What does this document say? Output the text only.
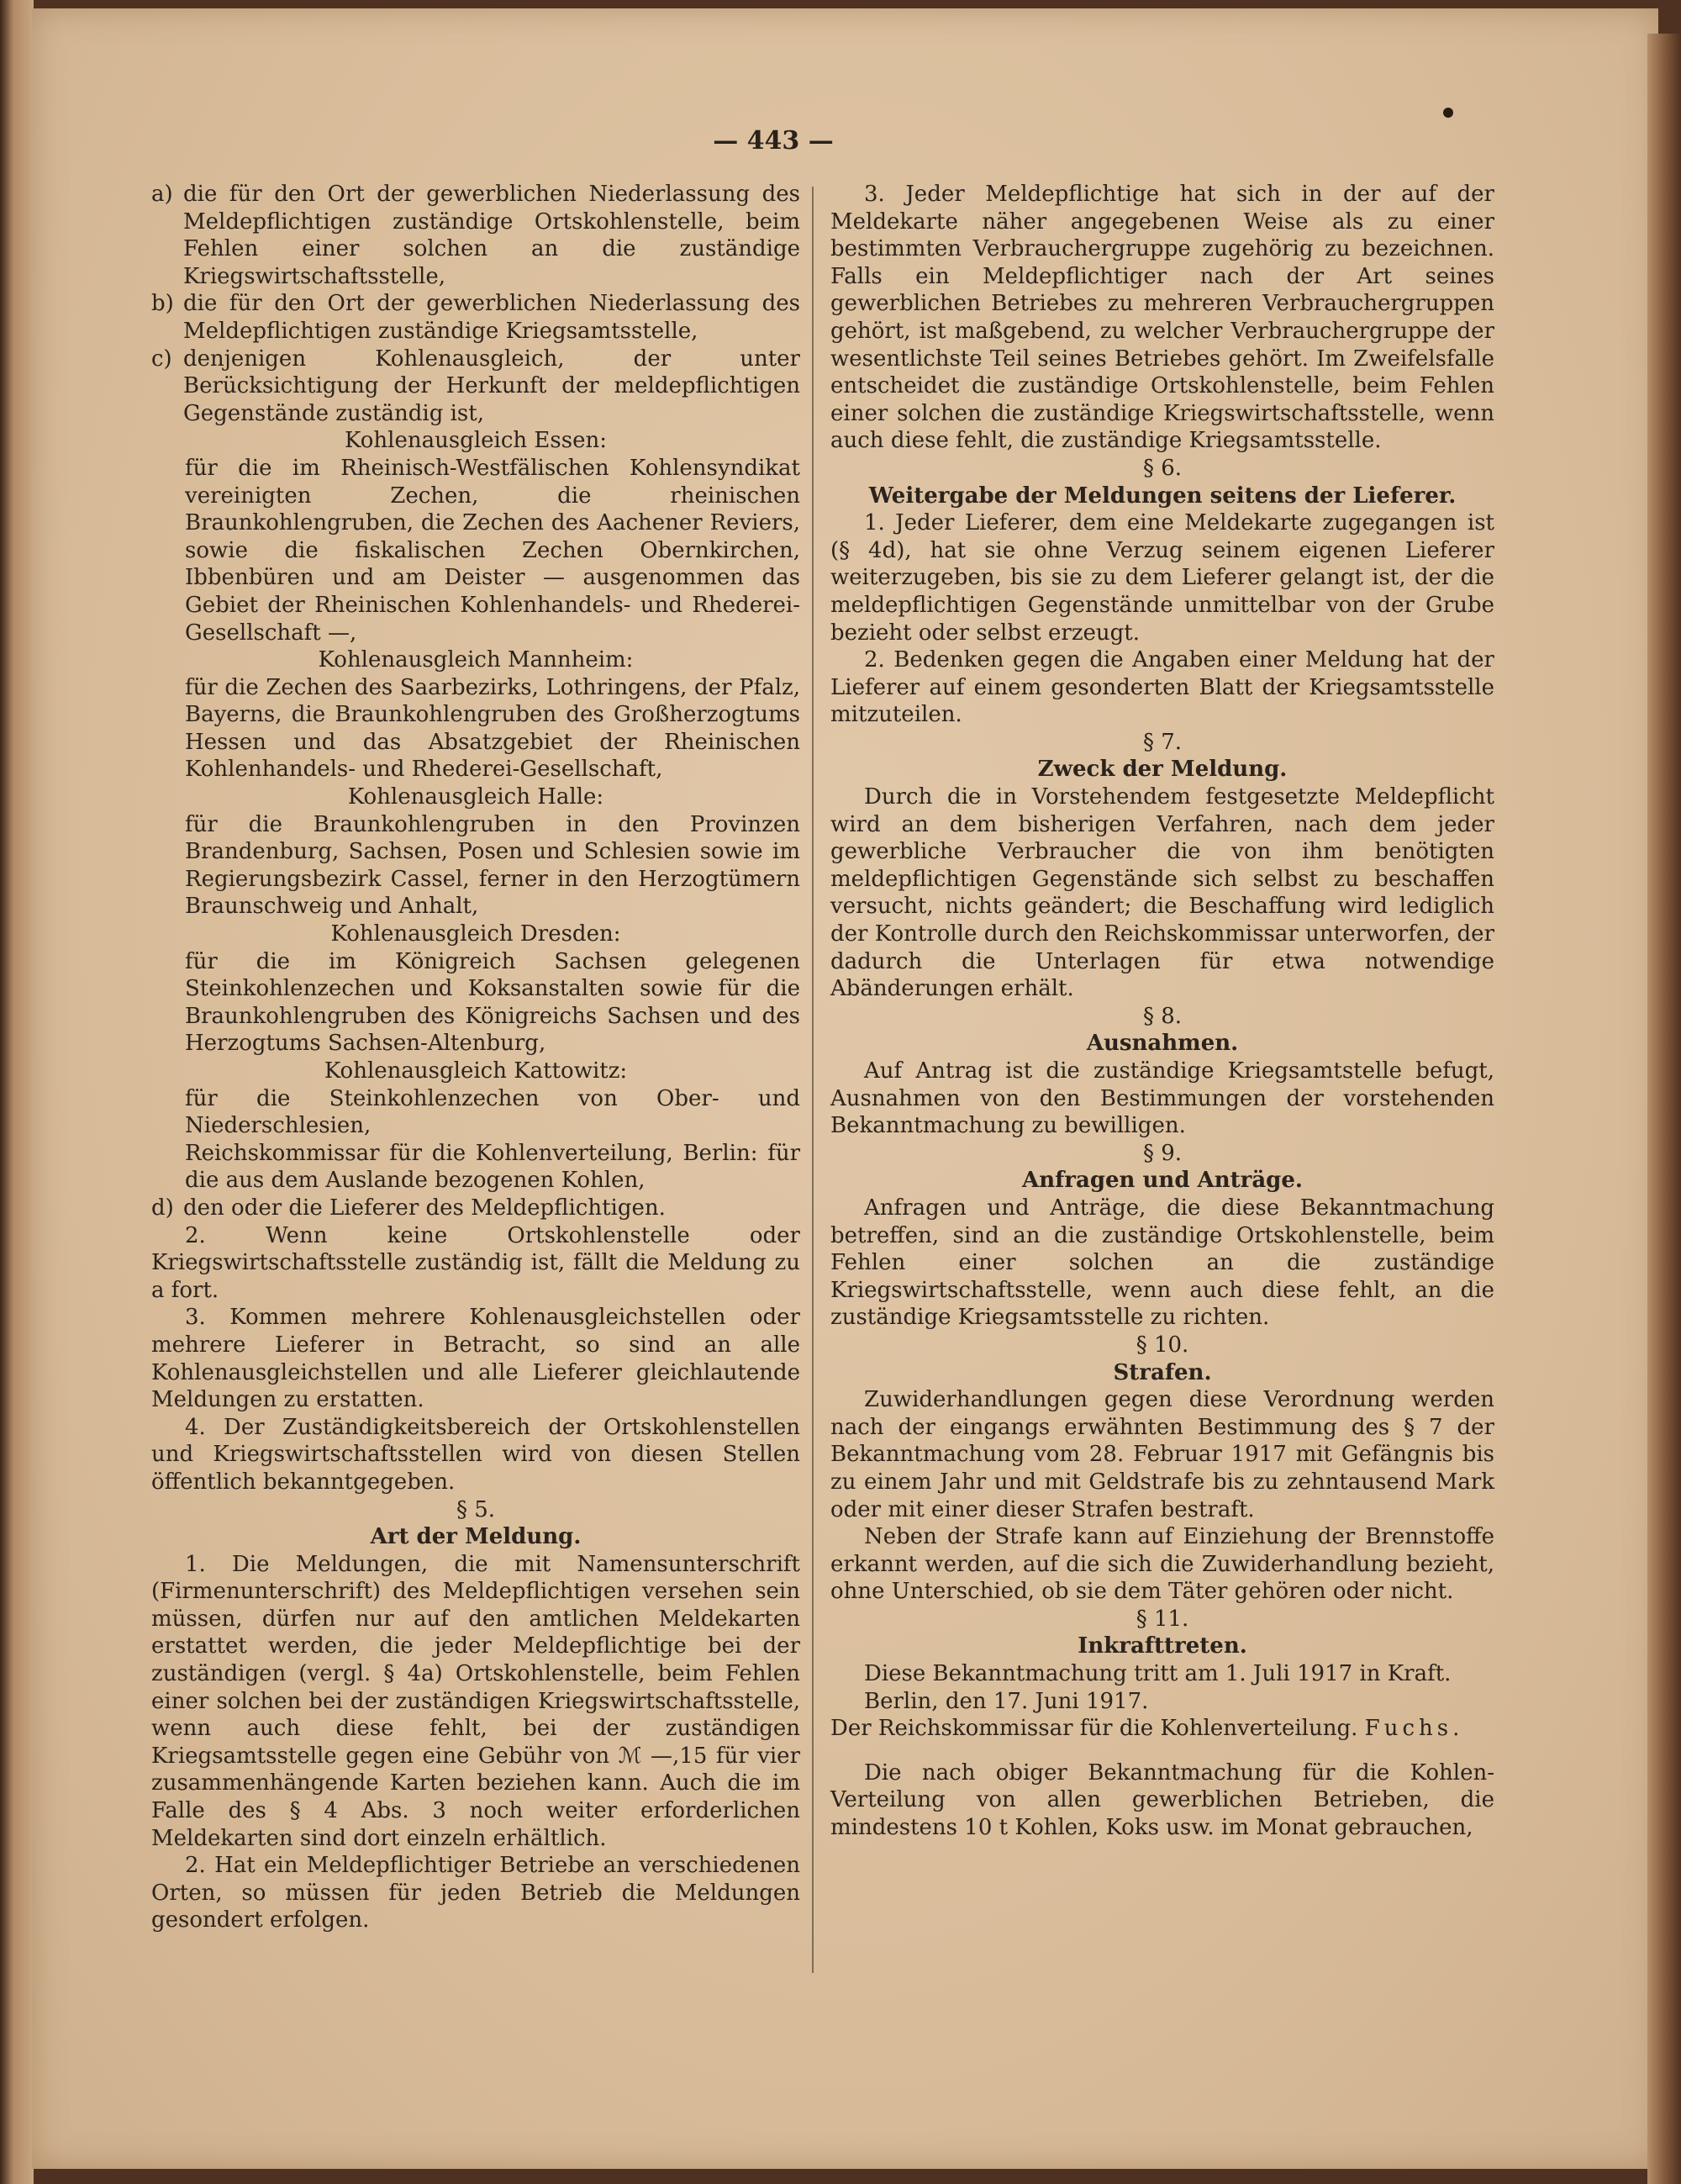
— 443 —
a) die für den Ort der gewerblichen Niederlassung des Meldepflichtigen zuständige Ortskohlenstelle, beim Fehlen einer solchen an die zuständige Kriegswirtschaftsstelle,
b) die für den Ort der gewerblichen Niederlassung des Meldepflichtigen zuständige Kriegsamtsstelle,
c) denjenigen Kohlenausgleich, der unter Berücksichtigung der Herkunft der meldepflichtigen Gegenstände zuständig ist,

Kohlenausgleich Essen:

für die im Rheinisch-Westfälischen Kohlensyndikat vereinigten Zechen, die rheinischen Braunkohlengruben, die Zechen des Aachener Reviers, sowie die fiskalischen Zechen Obernkirchen, Ibbenbüren und am Deister — ausgenommen das Gebiet der Rheinischen Kohlenhandels- und Rhederei-Gesellschaft —,

Kohlenausgleich Mannheim:

für die Zechen des Saarbezirks, Lothringens, der Pfalz, Bayerns, die Braunkohlengruben des Großherzogtums Hessen und das Absatzgebiet der Rheinischen Kohlenhandels- und Rhederei-Gesellschaft,

Kohlenausgleich Halle:

für die Braunkohlengruben in den Provinzen Brandenburg, Sachsen, Posen und Schlesien sowie im Regierungsbezirk Cassel, ferner in den Herzogtümern Braunschweig und Anhalt,

Kohlenausgleich Dresden:

für die im Königreich Sachsen gelegenen Steinkohlenzechen und Koksanstalten sowie für die Braunkohlengruben des Königreichs Sachsen und des Herzogtums Sachsen-Altenburg,

Kohlenausgleich Kattowitz:

für die Steinkohlenzechen von Ober- und Niederschlesien,

Reichskommissar für die Kohlenverteilung, Berlin: für die aus dem Auslande bezogenen Kohlen,

d) den oder die Lieferer des Meldepflichtigen.

2. Wenn keine Ortskohlenstelle oder Kriegswirtschaftsstelle zuständig ist, fällt die Meldung zu a fort.

3. Kommen mehrere Kohlenausgleichstellen oder mehrere Lieferer in Betracht, so sind an alle Kohlenausgleichstellen und alle Lieferer gleichlautende Meldungen zu erstatten.

4. Der Zuständigkeitsbereich der Ortskohlenstellen und Kriegswirtschaftsstellen wird von diesen Stellen öffentlich bekanntgegeben.

§ 5.

Art der Meldung.

1. Die Meldungen, die mit Namensunterschrift (Firmenunterschrift) des Meldepflichtigen versehen sein müssen, dürfen nur auf den amtlichen Meldekarten erstattet werden, die jeder Meldepflichtige bei der zuständigen (vergl. § 4a) Ortskohlenstelle, beim Fehlen einer solchen bei der zuständigen Kriegswirtschaftsstelle, wenn auch diese fehlt, bei der zuständigen Kriegsamtsstelle gegen eine Gebühr von ℳ —,15 für vier zusammenhängende Karten beziehen kann. Auch die im Falle des § 4 Abs. 3 noch weiter erforderlichen Meldekarten sind dort einzeln erhältlich.

2. Hat ein Meldepflichtiger Betriebe an verschiedenen Orten, so müssen für jeden Betrieb die Meldungen gesondert erfolgen.

3. Jeder Meldepflichtige hat sich in der auf der Meldekarte näher angegebenen Weise als zu einer bestimmten Verbrauchergruppe zugehörig zu bezeichnen. Falls ein Meldepflichtiger nach der Art seines gewerblichen Betriebes zu mehreren Verbrauchergruppen gehört, ist maßgebend, zu welcher Verbrauchergruppe der wesentlichste Teil seines Betriebes gehört. Im Zweifelsfalle entscheidet die zuständige Ortskohlenstelle, beim Fehlen einer solchen die zuständige Kriegswirtschaftsstelle, wenn auch diese fehlt, die zuständige Kriegsamtsstelle.

§ 6.

Weitergabe der Meldungen seitens der Lieferer.

1. Jeder Lieferer, dem eine Meldekarte zugegangen ist (§ 4d), hat sie ohne Verzug seinem eigenen Lieferer weiterzugeben, bis sie zu dem Lieferer gelangt ist, der die meldepflichtigen Gegenstände unmittelbar von der Grube bezieht oder selbst erzeugt.

2. Bedenken gegen die Angaben einer Meldung hat der Lieferer auf einem gesonderten Blatt der Kriegsamtsstelle mitzuteilen.

§ 7.

Zweck der Meldung.

Durch die in Vorstehendem festgesetzte Meldepflicht wird an dem bisherigen Verfahren, nach dem jeder gewerbliche Verbraucher die von ihm benötigten meldepflichtigen Gegenstände sich selbst zu beschaffen versucht, nichts geändert; die Beschaffung wird lediglich der Kontrolle durch den Reichskommissar unterworfen, der dadurch die Unterlagen für etwa notwendige Abänderungen erhält.

§ 8.

Ausnahmen.

Auf Antrag ist die zuständige Kriegsamtstelle befugt, Ausnahmen von den Bestimmungen der vorstehenden Bekanntmachung zu bewilligen.

§ 9.

Anfragen und Anträge.

Anfragen und Anträge, die diese Bekanntmachung betreffen, sind an die zuständige Ortskohlenstelle, beim Fehlen einer solchen an die zuständige Kriegswirtschaftsstelle, wenn auch diese fehlt, an die zuständige Kriegsamtsstelle zu richten.

§ 10.

Strafen.

Zuwiderhandlungen gegen diese Verordnung werden nach der eingangs erwähnten Bestimmung des § 7 der Bekanntmachung vom 28. Februar 1917 mit Gefängnis bis zu einem Jahr und mit Geldstrafe bis zu zehntausend Mark oder mit einer dieser Strafen bestraft.

Neben der Strafe kann auf Einziehung der Brennstoffe erkannt werden, auf die sich die Zuwiderhandlung bezieht, ohne Unterschied, ob sie dem Täter gehören oder nicht.

§ 11.

Inkrafttreten.

Diese Bekanntmachung tritt am 1. Juli 1917 in Kraft.

Berlin, den 17. Juni 1917.

Der Reichskommissar für die Kohlenverteilung. Fuchs.

Die nach obiger Bekanntmachung für die Kohlen-Verteilung von allen gewerblichen Betrieben, die mindestens 10 t Kohlen, Koks usw. im Monat gebrauchen,
